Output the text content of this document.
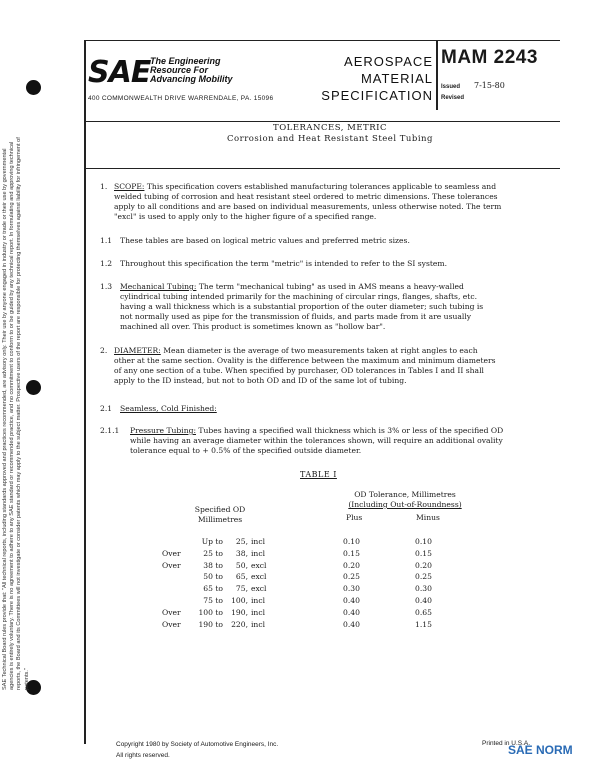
SAE The Engineering
Resource For
Advancing Mobility
400 COMMONWEALTH DRIVE WARRENDALE, PA. 15096
AEROSPACE
MATERIAL
SPECIFICATION
MAM 2243
Issued 7-15-80
Revised
TOLERANCES, METRIC
Corrosion and Heat Resistant Steel Tubing
SAE Technical Board rules provide that: "All technical reports, including standards approved and practices recommended, are advisory only. Their use by anyone engaged in industry or trade or their use by governmental agencies is entirely voluntary. There is no agreement to adhere to any SAE standard or recommended practice, and no commitment to conform to or be guided by any technical report. In formulating and approving technical reports, the Board and its Committees will not investigate or consider patents which may apply to the subject matter. Prospective users of the report are responsible for protecting themselves against liability for infringement of patents."
1. SCOPE: This specification covers established manufacturing tolerances applicable to seamless and
welded tubing of corrosion and heat resistant steel ordered to metric dimensions. These tolerances
apply to all conditions and are based on individual measurements, unless otherwise noted. The term
"excl" is used to apply only to the higher figure of a specified range.
1.1 These tables are based on logical metric values and preferred metric sizes.
1.2 Throughout this specification the term "metric" is intended to refer to the SI system.
1.3 Mechanical Tubing: The term "mechanical tubing" as used in AMS means a heavy-walled
cylindrical tubing intended primarily for the machining of circular rings, flanges, shafts, etc.
having a wall thickness which is a substantial proportion of the outer diameter; such tubing is
not normally used as pipe for the transmission of fluids, and parts made from it are usually
machined all over. This product is sometimes known as "hollow bar".
2. DIAMETER: Mean diameter is the average of two measurements taken at right angles to each
other at the same section. Ovality is the difference between the maximum and minimum diameters
of any one section of a tube. When specified by purchaser, OD tolerances in Tables I and II shall
apply to the ID instead, but not to both OD and ID of the same lot of tubing.
2.1 Seamless, Cold Finished:
2.1.1 Pressure Tubing: Tubes having a specified wall thickness which is 3% or less of the specified OD
while having an average diameter within the tolerances shown, will require an additional ovality
tolerance equal to + 0.5% of the specified outside diameter.
TABLE I
OD Tolerance, Millimetres
(Including Out-of-Roundness)
Specified OD
Millimetres	Plus	Minus
Up to	25, incl	0.10	0.10
Over	25 to	38, incl	0.15	0.15
Over	38 to	50, excl	0.20	0.20
50 to	65, excl	0.25	0.25
65 to	75, excl	0.30	0.30
75 to	100, incl	0.40	0.40
Over	100 to	190, incl	0.40	0.65
Over	190 to	220, incl	0.40	1.15
Copyright 1980 by Society of Automotive Engineers, Inc.
All rights reserved.
Printed in U.S.A.
SAE NORM
